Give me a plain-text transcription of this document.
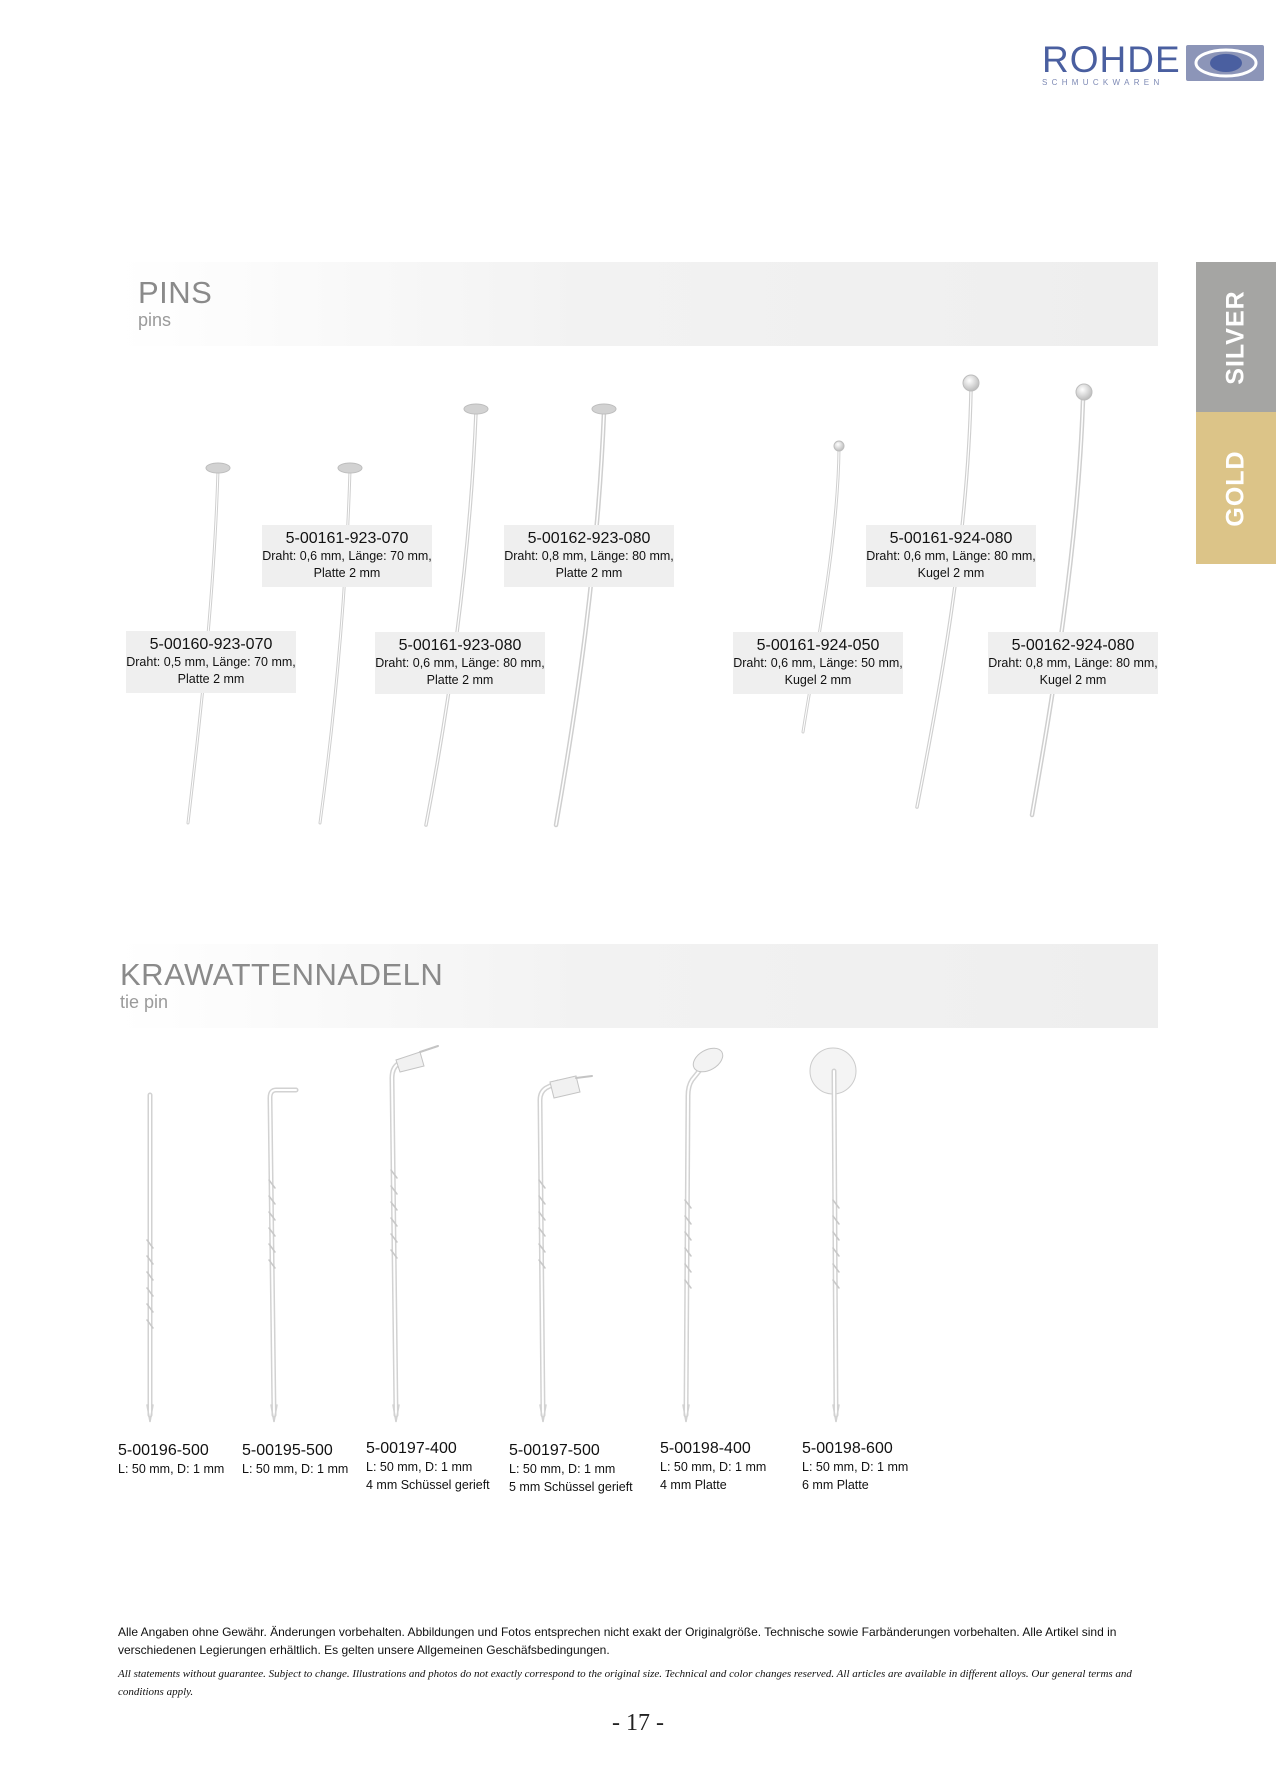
ROHDE
SCHMUCKWAREN
SILVER
GOLD
PINS
pins
KRAWATTENNADELN
tie pin
5-00160-923-070
Draht: 0,5 mm, Länge: 70 mm,
Platte 2 mm
5-00161-923-070
Draht: 0,6 mm, Länge: 70 mm,
Platte 2 mm
5-00161-923-080
Draht: 0,6 mm, Länge: 80 mm,
Platte 2 mm
5-00162-923-080
Draht: 0,8 mm, Länge: 80 mm,
Platte 2 mm
5-00161-924-050
Draht: 0,6 mm, Länge: 50 mm,
Kugel 2 mm
5-00161-924-080
Draht: 0,6 mm, Länge: 80 mm,
Kugel 2 mm
5-00162-924-080
Draht: 0,8 mm, Länge: 80 mm,
Kugel 2 mm
5-00196-500
L: 50 mm, D: 1 mm
5-00195-500
L: 50 mm, D: 1 mm
5-00197-400
L: 50 mm, D: 1 mm
4 mm Schüssel gerieft
5-00197-500
L: 50 mm, D: 1 mm
5 mm Schüssel gerieft
5-00198-400
L: 50 mm, D: 1 mm
4 mm Platte
5-00198-600
L: 50 mm, D: 1 mm
6 mm Platte
Alle Angaben ohne Gewähr. Änderungen vorbehalten. Abbildungen und Fotos entsprechen nicht exakt der Originalgröße. Technische sowie Farbänderungen vorbehalten. Alle Artikel sind in verschiedenen Legierungen erhältlich. Es gelten unsere Allgemeinen Geschäfsbedingungen.
All statements without guarantee. Subject to change. Illustrations and photos do not exactly correspond to the original size. Technical and color changes reserved. All articles are available in different alloys. Our general terms and conditions apply.
- 17 -
